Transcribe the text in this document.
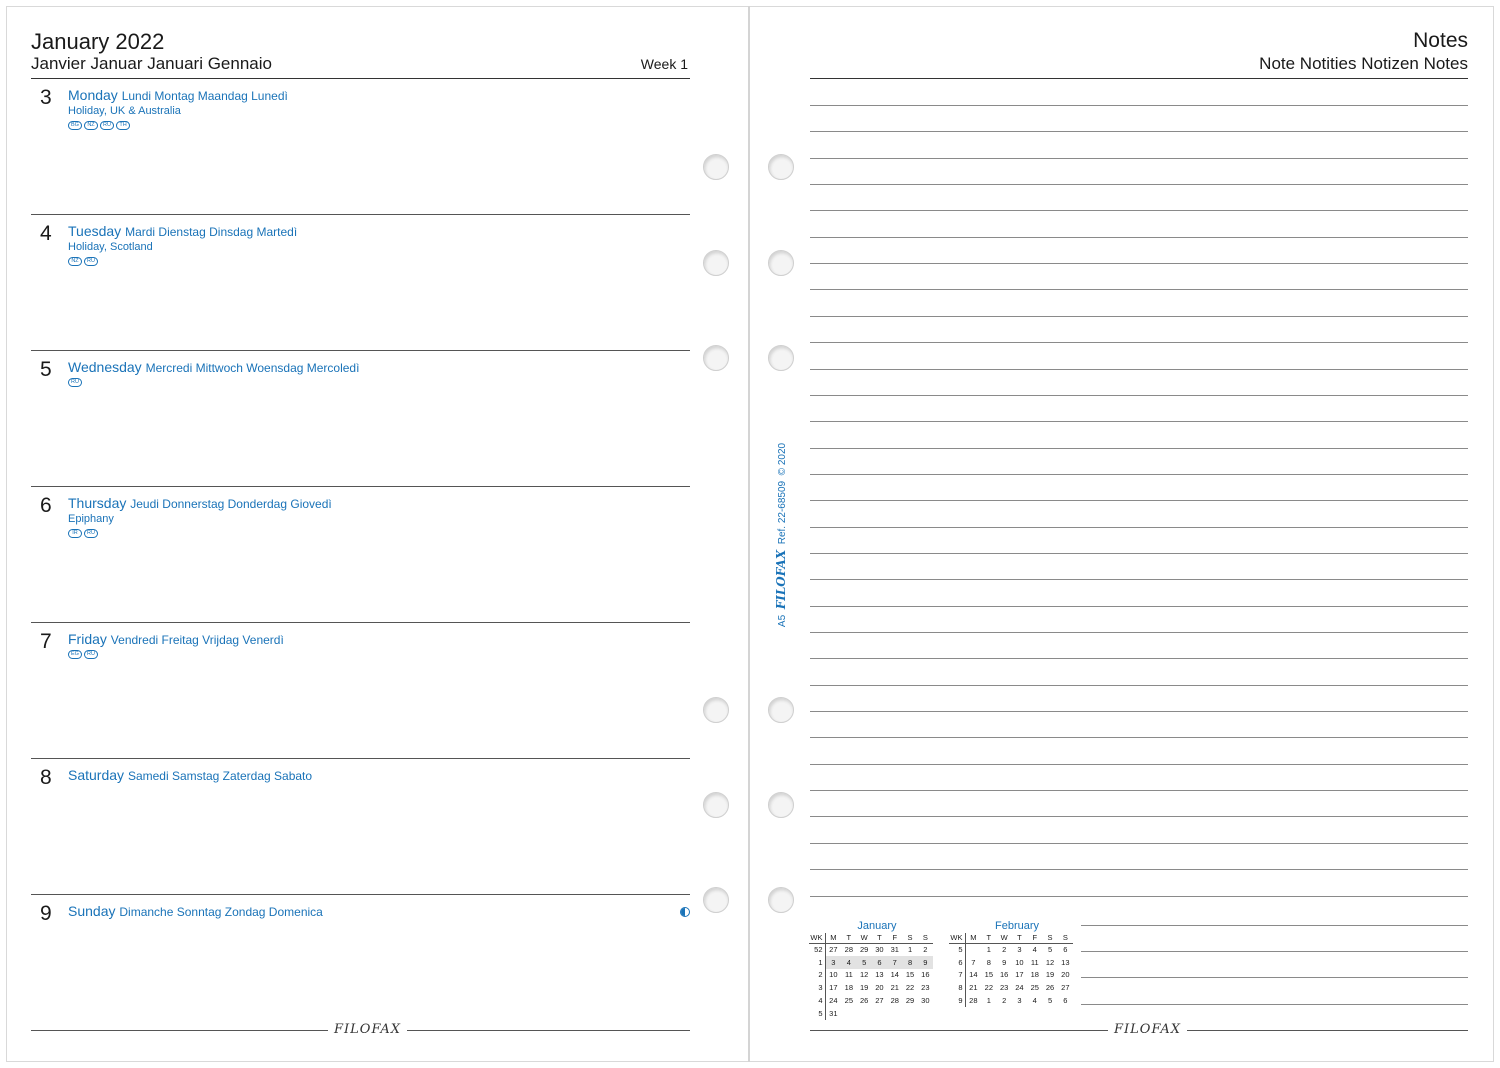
January 2022
Janvier Januar Januari Gennaio	Week 1
3 Monday Lundi Montag Maandag Lunedì
Holiday, UK & Australia
BG	NZ	RU	TH
4 Tuesday Mardi Dienstag Dinsdag Martedì
Holiday, Scotland
NZ	RU
5 Wednesday Mercredi Mittwoch Woensdag Mercoledì
RU
6 Thursday Jeudi Donnerstag Donderdag Giovedì
Epiphany
IR	RU
7 Friday Vendredi Freitag Vrijdag Venerdì
EG	RU
8 Saturday Samedi Samstag Zaterdag Sabato
9 Sunday Dimanche Sonntag Zondag Domenica
FILOFAX
Notes
Note Notities Notizen Notes
A5  FILOFAX  Ref. 22-68509  © 2020
January
WK	M	T	W	T	F	S	S
52	27	28	29	30	31	1	2
1	3	4	5	6	7	8	9
2	10	11	12	13	14	15	16
3	17	18	19	20	21	22	23
4	24	25	26	27	28	29	30
5	31						
February
WK	M	T	W	T	F	S	S
5		1	2	3	4	5	6
6	7	8	9	10	11	12	13
7	14	15	16	17	18	19	20
8	21	22	23	24	25	26	27
9	28	1	2	3	4	5	6
FILOFAX
